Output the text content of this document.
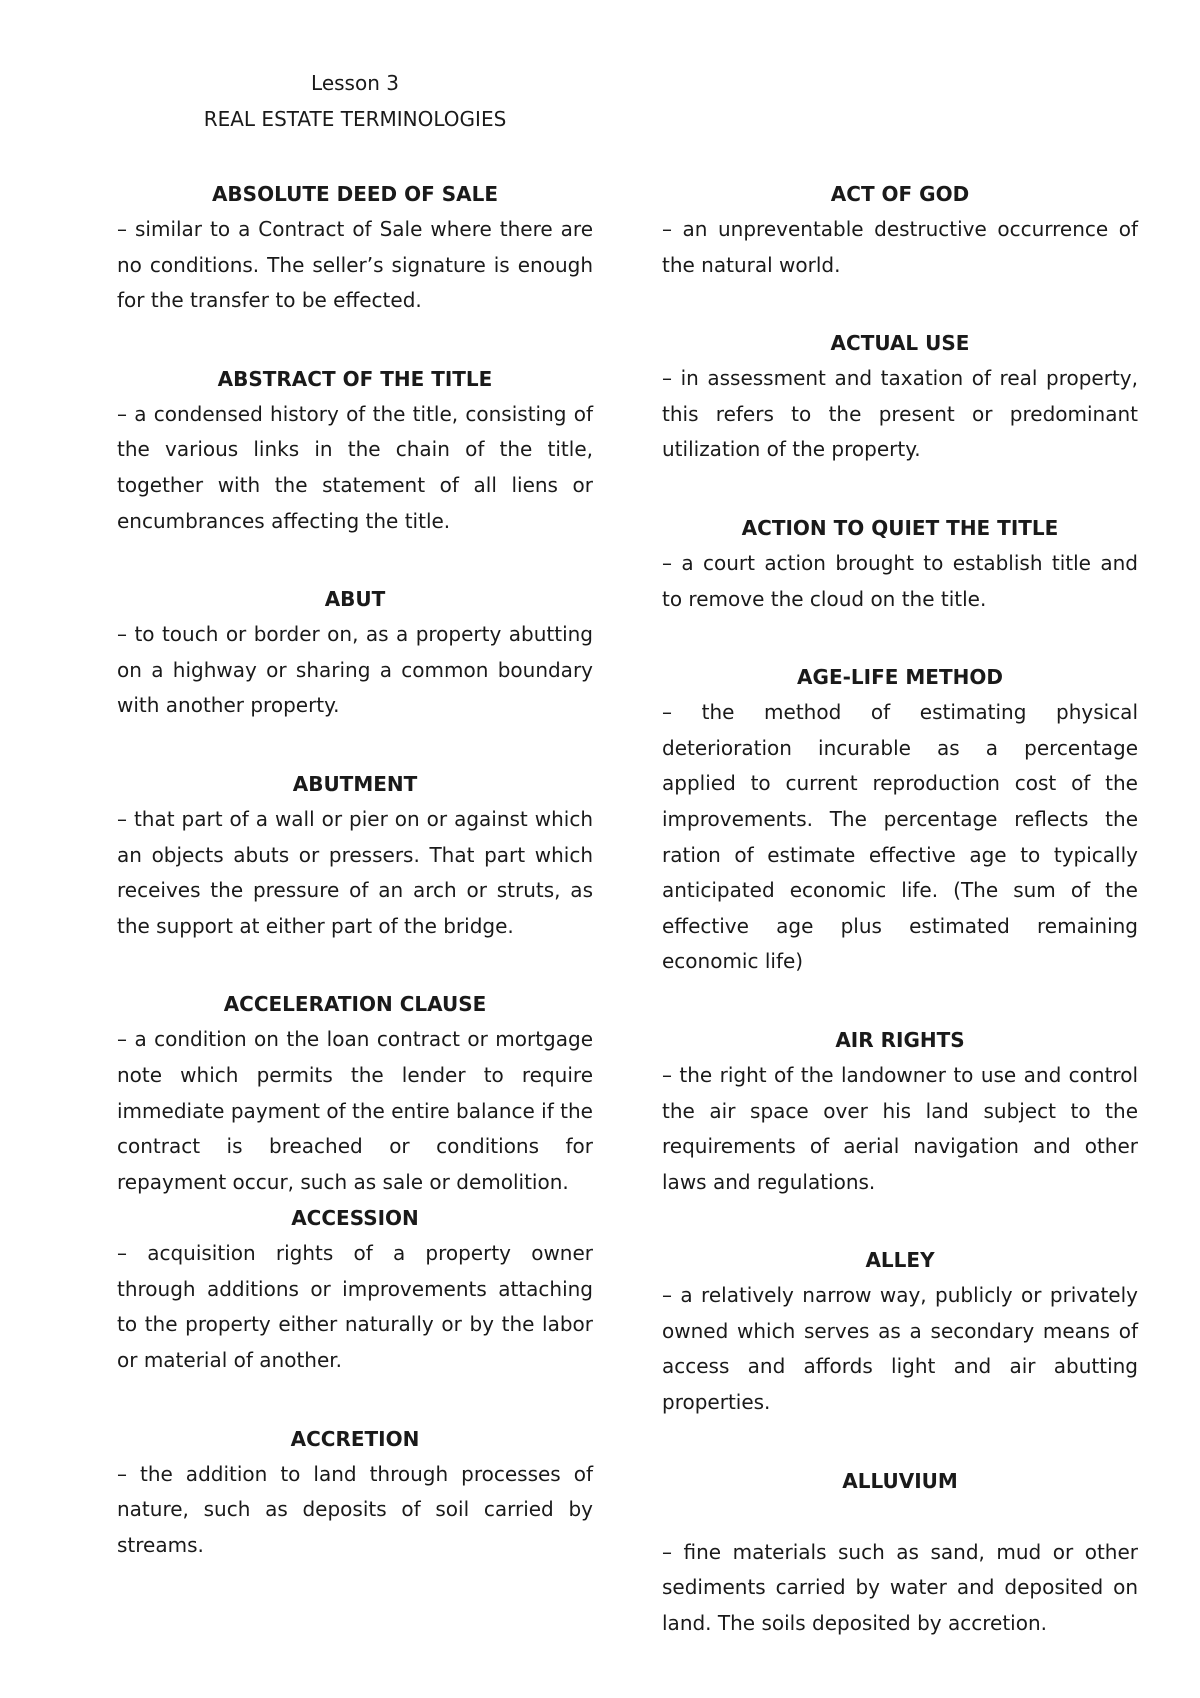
Lesson 3
REAL ESTATE TERMINOLOGIES
ABSOLUTE DEED OF SALE
– similar to a Contract of Sale where there are no conditions. The seller’s signature is enough for the transfer to be effected.
ABSTRACT OF THE TITLE
– a condensed history of the title, consisting of the various links in the chain of the title, together with the statement of all liens or encumbrances affecting the title.
ABUT
– to touch or border on, as a property abutting on a highway or sharing a common boundary with another property.
ABUTMENT
– that part of a wall or pier on or against which an objects abuts or pressers. That part which receives the pressure of an arch or struts, as the support at either part of the bridge.
ACCELERATION CLAUSE
– a condition on the loan contract or mortgage note which permits the lender to require immediate payment of the entire balance if the contract is breached or conditions for repayment occur, such as sale or demolition.
ACCESSION
– acquisition rights of a property owner through additions or improvements attaching to the property either naturally or by the labor or material of another.
ACCRETION
– the addition to land through processes of nature, such as deposits of soil carried by streams.
ACT OF GOD
– an unpreventable destructive occurrence of the natural world.
ACTUAL USE
– in assessment and taxation of real property, this refers to the present or predominant utilization of the property.
ACTION TO QUIET THE TITLE
– a court action brought to establish title and to remove the cloud on the title.
AGE-LIFE METHOD
– the method of estimating physical deterioration incurable as a percentage applied to current reproduction cost of the improvements. The percentage reflects the ration of estimate effective age to typically anticipated economic life. (The sum of the effective age plus estimated remaining economic life)
AIR RIGHTS
– the right of the landowner to use and control the air space over his land subject to the requirements of aerial navigation and other laws and regulations.
ALLEY
– a relatively narrow way, publicly or privately owned which serves as a secondary means of access and affords light and air abutting properties.
ALLUVIUM
– fine materials such as sand, mud or other sediments carried by water and deposited on land. The soils deposited by accretion.
